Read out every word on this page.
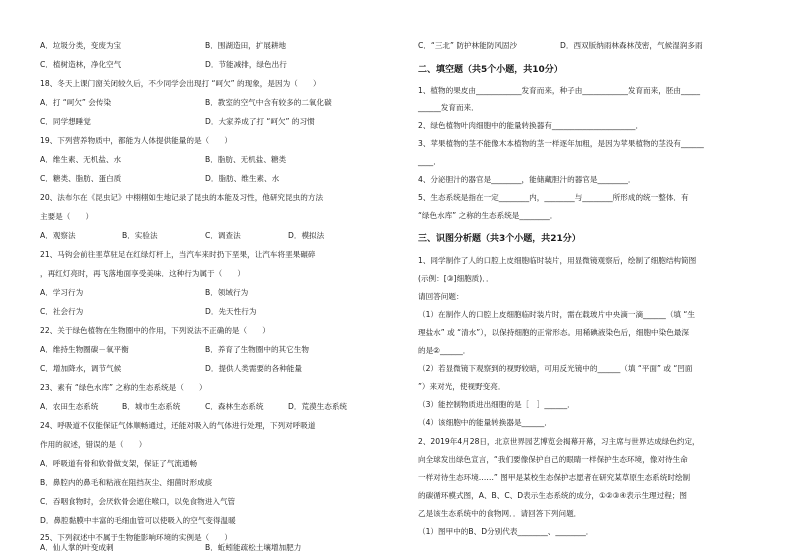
A．垃圾分类，变废为宝	B．围湖造田，扩展耕地
C．植树造林，净化空气	D．节能减排，绿色出行
18、冬天上课门窗关闭较久后，不少同学会出现打 “呵欠” 的现象，是因为（　　）
A．打 “呵欠” 会传染	B．教室的空气中含有较多的二氧化碳
C．同学想睡觉	D．大家养成了打 “呵欠” 的习惯
19、下列营养物质中，都能为人体提供能量的是（　　）
A．维生素、无机盐、水	B．脂肪、无机盐、糖类
C．糖类、脂肪、蛋白质	D．脂肪、维生素、水
20、法布尔在《昆虫记》中栩栩如生地记录了昆虫的本能及习性，他研究昆虫的方法
主要是（　　）
A．观察法	B．实验法	C．调查法	D．模拟法
21、马钩会前往垩草驻足在红绿灯杆上，当汽车来时扔下垩果，让汽车将垩果碾碎
，再红灯亮时，再飞落地面享受美味．这种行为属于（　　）
A．学习行为	B．领域行为
C．社会行为	D．先天性行为
22、关于绿色植物在生物圈中的作用，下列说法不正确的是（　　）
A．维持生物圈碳－氧平衡	B．养育了生物圈中的其它生物
C．增加降水，调节气候	D．提供人类需要的各种能量
23、素有 “绿色水库” 之称的生态系统是（　　）
A．农田生态系统	B．城市生态系统	C．森林生态系统	D．荒漠生态系统
24、呼吸道不仅能保证气体顺畅通过，还能对吸入的气体进行处理，下列对呼吸道
作用的叙述，错误的是（　　）
A．呼吸道有骨和软骨做支架，保证了气流通畅
B．鼻腔内的鼻毛和粘液在阻挡灰尘、细菌时形成痰
C．吞咽食物时，会厌软骨会遮住喉口，以免食物进入气管
D．鼻腔黏膜中丰富的毛细血管可以使吸入的空气变得温暖
25、下列叙述中不属于生物能影响环境的实例是（　　）
A．仙人掌的叶变成刺	B．蚯蚓能疏松土壤增加肥力
C．“三北” 防护林能防风固沙	D．西双版纳雨林森林茂密，气候湿润多雨
二、填空题（共5个小题，共10分）
1、植物的果皮由____________发育而来，种子由____________发育而来，胚由_____
______发育而来．
2、绿色植物叶肉细胞中的能量转换器有______________________．
3、苹果植物的茎不能像木本植物的茎一样逐年加粗，是因为苹果植物的茎没有______
____．
4、分泌胆汁的器官是________，能储藏胆汁的器官是________．
5、生态系统是指在一定________内，________与________所形成的统一整体．有
“绿色水库” 之称的生态系统是________．
三、识图分析题（共3个小题，共21分）
1、同学制作了人的口腔上皮细胞临时装片，用显微镜观察后，绘制了细胞结构简图
(示例：[③]细胞质)．．
请回答问题：
（1）在制作人的口腔上皮细胞临时装片时，需在载玻片中央滴一滴______（填 “生
理盐水” 或 “清水”），以保持细胞的正常形态。用稀碘液染色后，细胞中染色最深
的是②______．
（2）若显微镜下观察到的视野较暗，可用反光镜中的______（填 “平面” 或 “凹面
”）来对光，使视野变亮．
（3）能控制物质进出细胞的是［　］______．
（4）该细胞中的能量转换器是______．
2、2019年4月28日，北京世界园艺博览会揭幕开幕，习主席与世界达成绿色约定，
向全球发出绿色宣言，“我们要像保护自己的眼睛一样保护生态环境，像对待生命
一样对待生态环境……” 图甲是某校生态保护志愿者在研究某草原生态系统时绘制
的碳循环模式图，A、B、C、D表示生态系统的成分，①②③④表示生理过程；图
乙是该生态系统中的食物网．．请回答下列问题．
（1）图甲中的B、D分别代表________、________．
